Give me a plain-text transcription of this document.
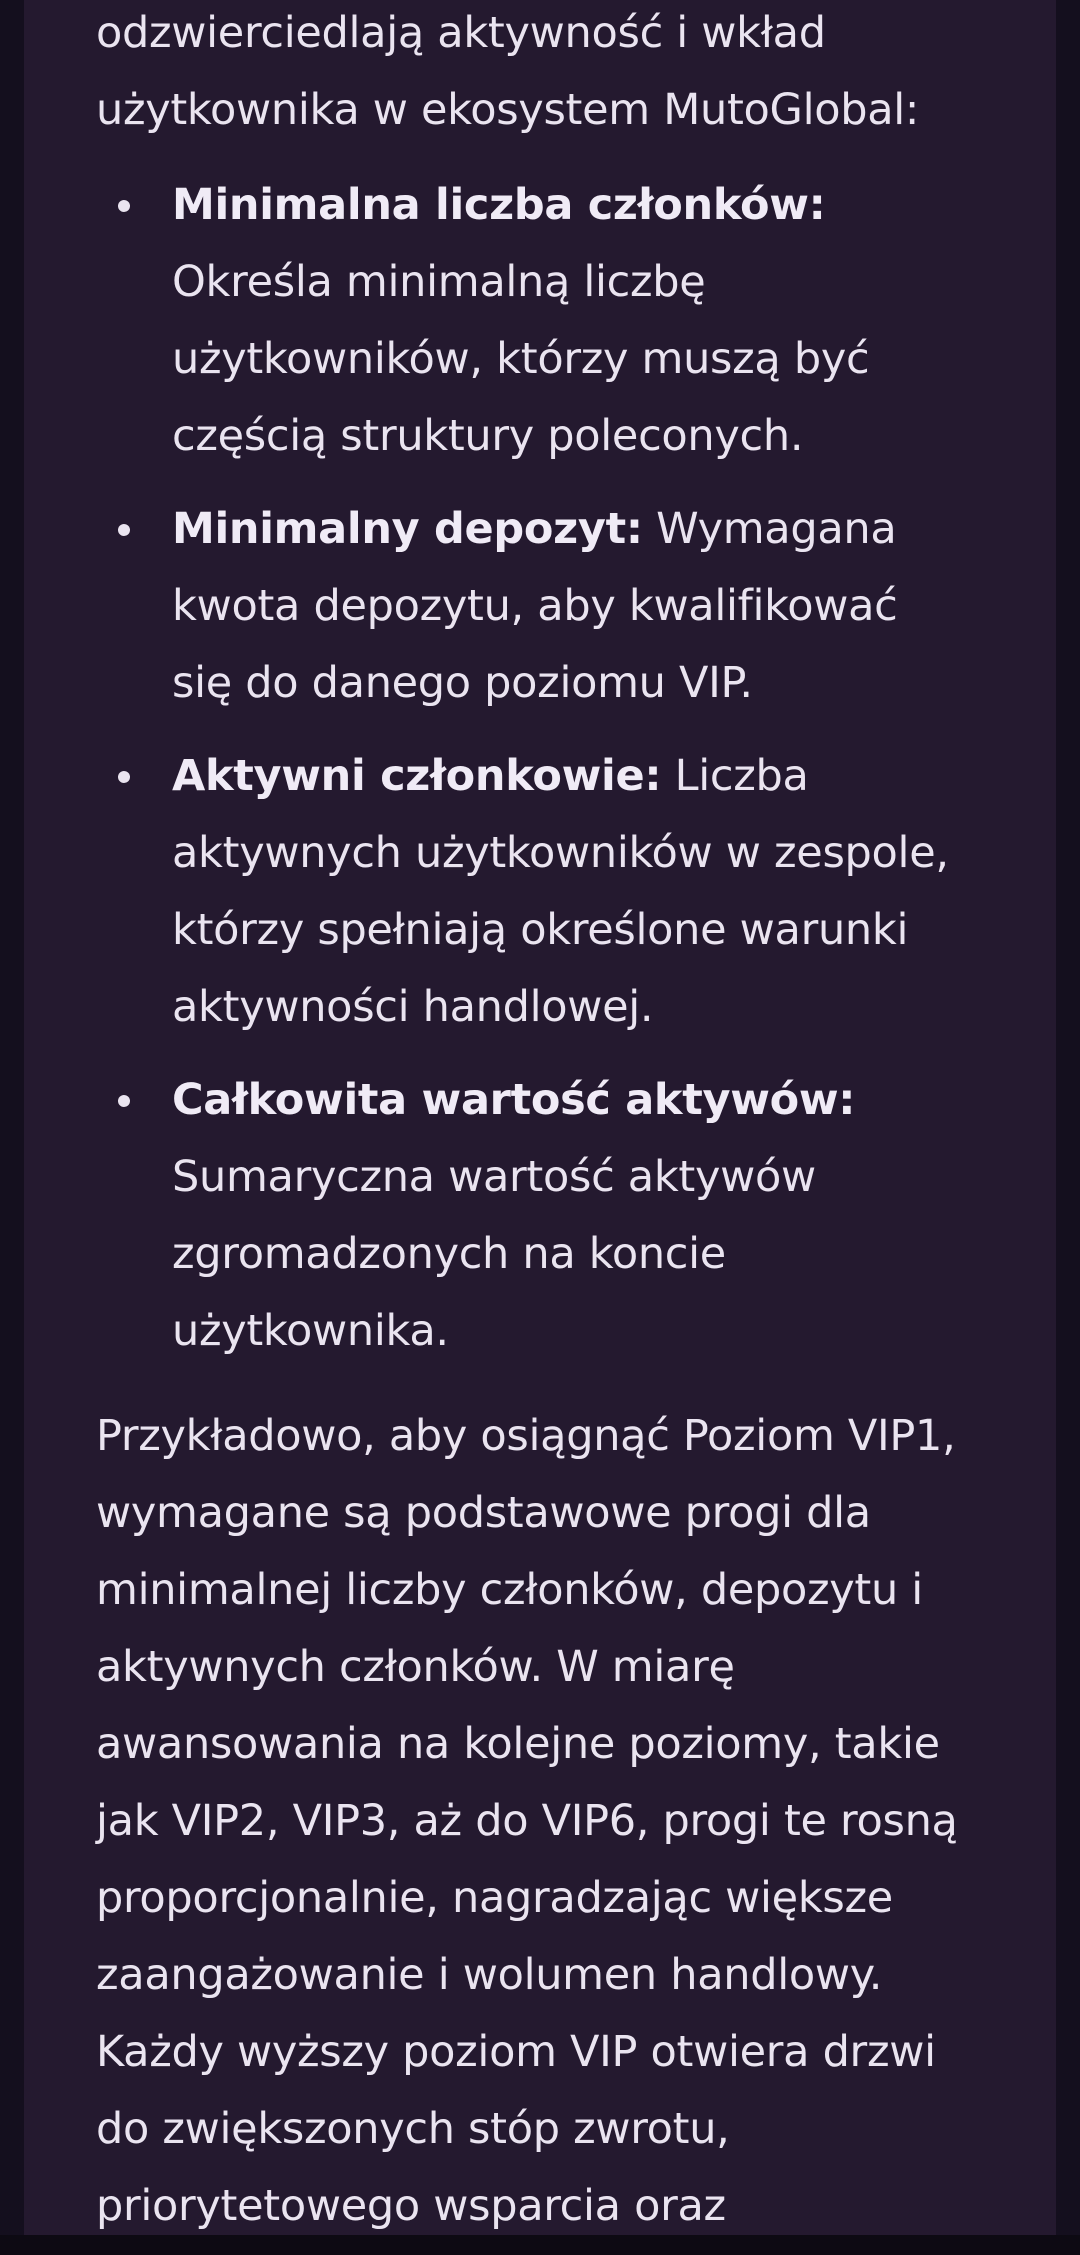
odzwierciedlają aktywność i wkład użytkownika w ekosystem MutoGlobal:

Minimalna liczba członków: Określa minimalną liczbę użytkowników, którzy muszą być częścią struktury poleconych.
Minimalny depozyt: Wymagana kwota depozytu, aby kwalifikować się do danego poziomu VIP.
Aktywni członkowie: Liczba aktywnych użytkowników w zespole, którzy spełniają określone warunki aktywności handlowej.
Całkowita wartość aktywów: Sumaryczna wartość aktywów zgromadzonych na koncie użytkownika.

Przykładowo, aby osiągnąć Poziom VIP1, wymagane są podstawowe progi dla minimalnej liczby członków, depozytu i aktywnych członków. W miarę awansowania na kolejne poziomy, takie jak VIP2, VIP3, aż do VIP6, progi te rosną proporcjonalnie, nagradzając większe zaangażowanie i wolumen handlowy. Każdy wyższy poziom VIP otwiera drzwi do zwiększonych stóp zwrotu, priorytetowego wsparcia oraz
